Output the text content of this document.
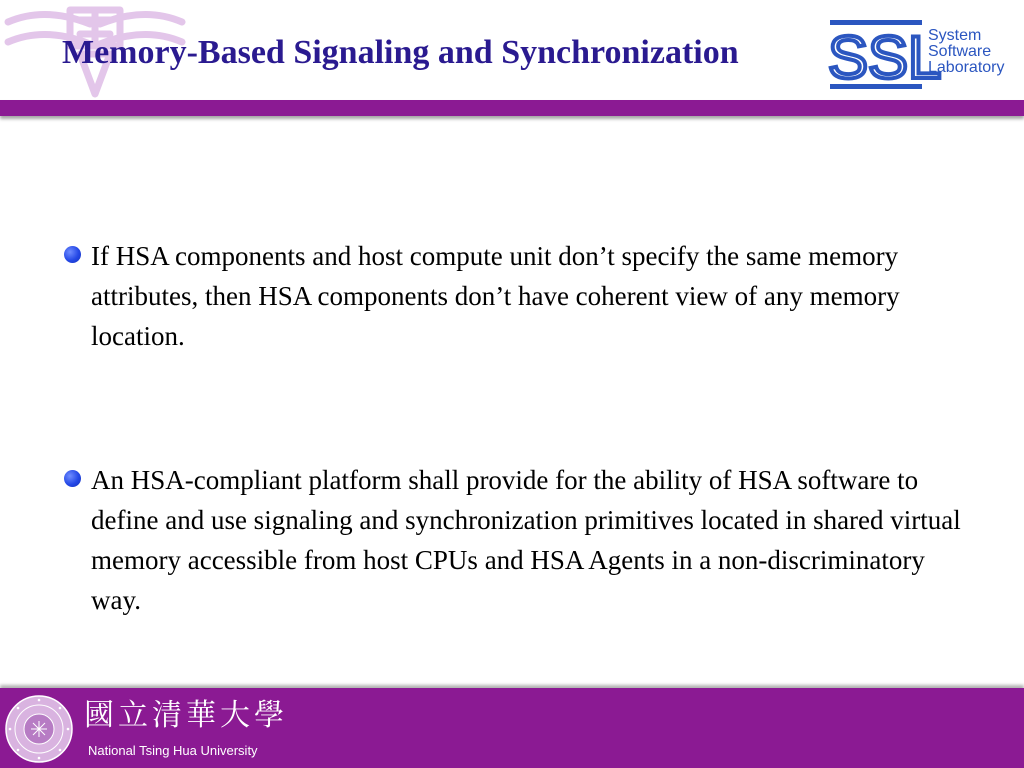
Memory-Based Signaling and Synchronization SSL
System
Software
Laboratory
If HSA components and host compute unit don’t specify the same memory attributes, then HSA components don’t have coherent view of any memory location.
An HSA-compliant platform shall provide for the ability of HSA software to define and use signaling and synchronization primitives located in shared virtual memory accessible from host CPUs and HSA Agents in a non-discriminatory way.
國立清華大學

National Tsing Hua University
